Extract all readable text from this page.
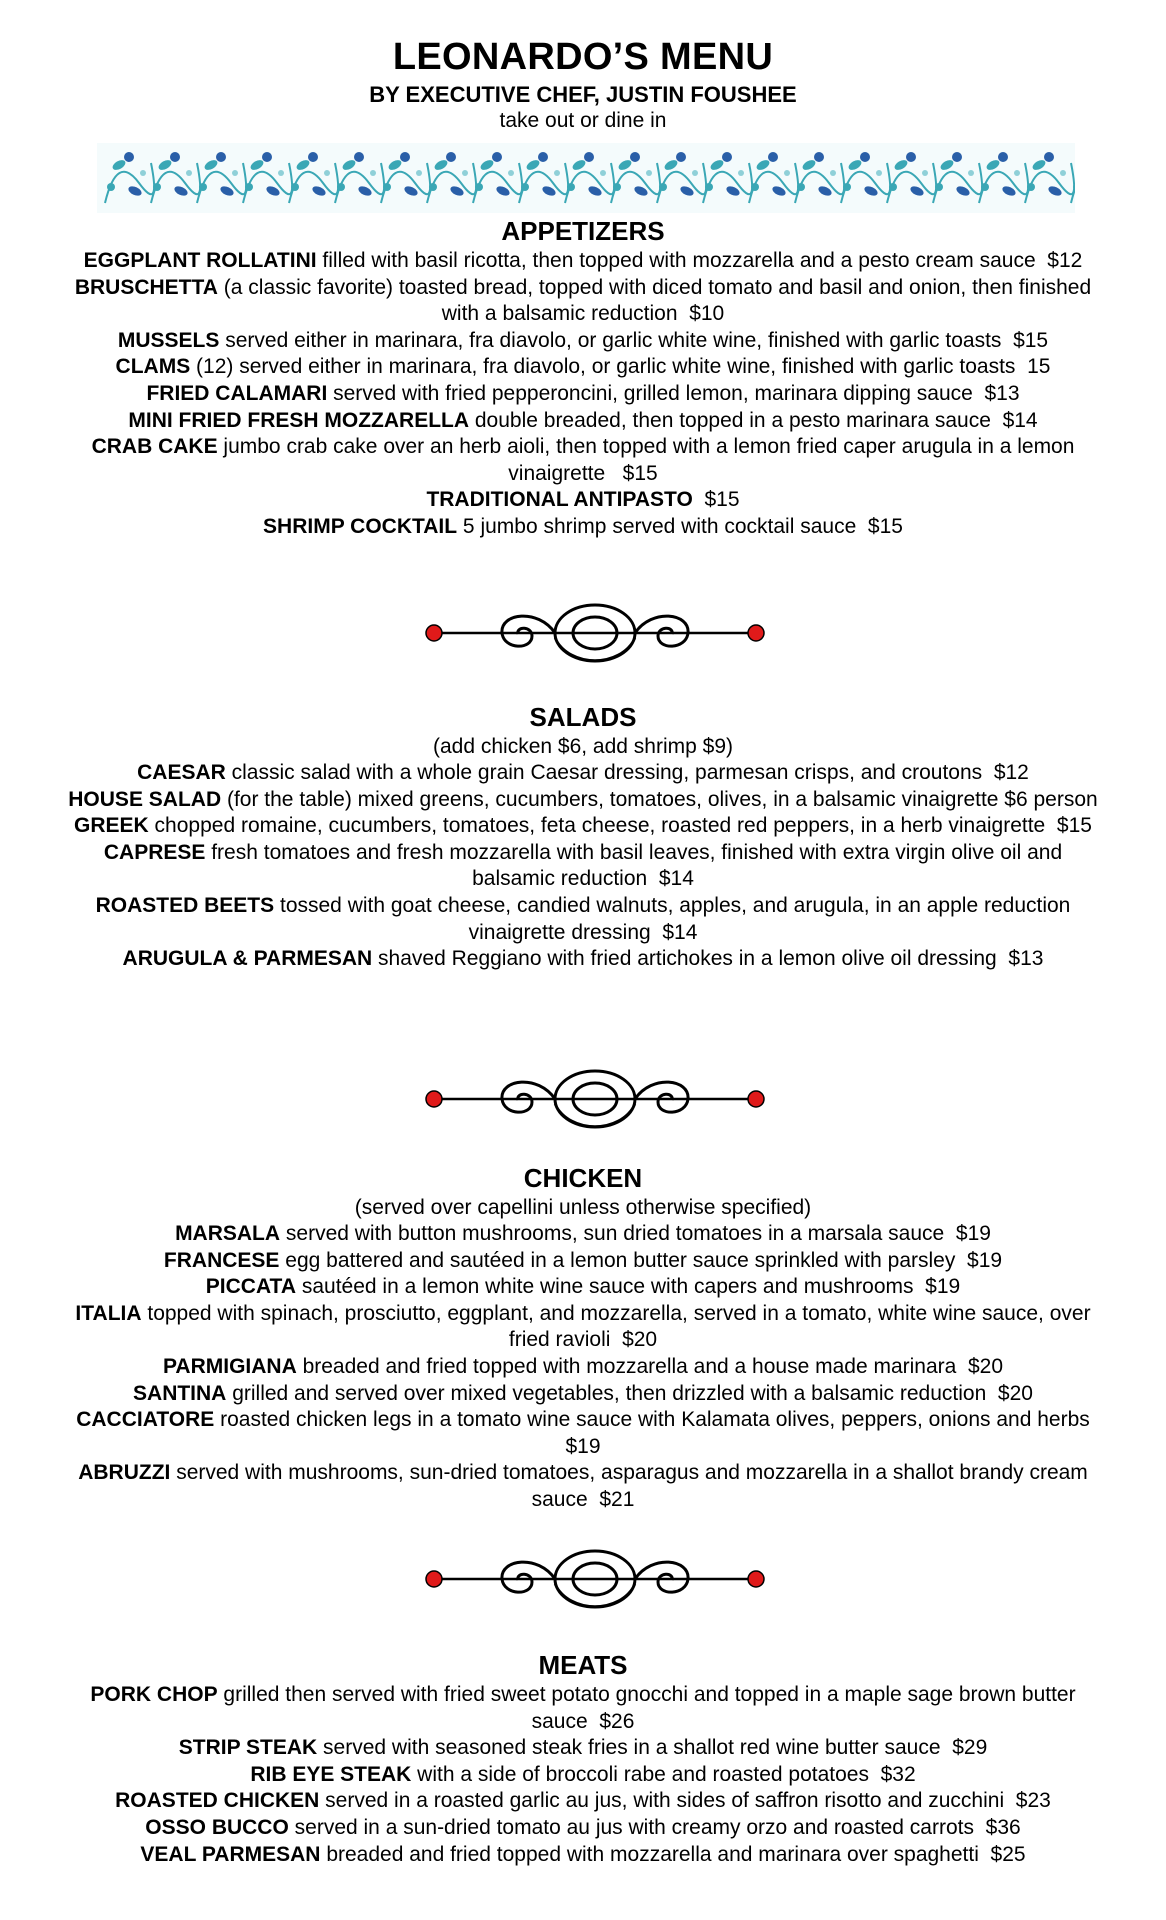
LEONARDO’S MENU
BY EXECUTIVE CHEF, JUSTIN FOUSHEE
take out or dine in
APPETIZERS
EGGPLANT ROLLATINI filled with basil ricotta, then topped with mozzarella and a pesto cream sauce  $12
BRUSCHETTA (a classic favorite) toasted bread, topped with diced tomato and basil and onion, then finished with a balsamic reduction  $10
MUSSELS served either in marinara, fra diavolo, or garlic white wine, finished with garlic toasts  $15
CLAMS (12) served either in marinara, fra diavolo, or garlic white wine, finished with garlic toasts  15
FRIED CALAMARI served with fried pepperoncini, grilled lemon, marinara dipping sauce  $13
MINI FRIED FRESH MOZZARELLA double breaded, then topped in a pesto marinara sauce  $14
CRAB CAKE jumbo crab cake over an herb aioli, then topped with a lemon fried caper arugula in a lemon vinaigrette   $15
TRADITIONAL ANTIPASTO  $15
SHRIMP COCKTAIL 5 jumbo shrimp served with cocktail sauce  $15
SALADS
(add chicken $6, add shrimp $9)
CAESAR classic salad with a whole grain Caesar dressing, parmesan crisps, and croutons  $12
HOUSE SALAD (for the table) mixed greens, cucumbers, tomatoes, olives, in a balsamic vinaigrette $6 person
GREEK chopped romaine, cucumbers, tomatoes, feta cheese, roasted red peppers, in a herb vinaigrette  $15
CAPRESE fresh tomatoes and fresh mozzarella with basil leaves, finished with extra virgin olive oil and balsamic reduction  $14
ROASTED BEETS tossed with goat cheese, candied walnuts, apples, and arugula, in an apple reduction vinaigrette dressing  $14
ARUGULA & PARMESAN shaved Reggiano with fried artichokes in a lemon olive oil dressing  $13
CHICKEN
(served over capellini unless otherwise specified)
MARSALA served with button mushrooms, sun dried tomatoes in a marsala sauce  $19
FRANCESE egg battered and sautéed in a lemon butter sauce sprinkled with parsley  $19
PICCATA sautéed in a lemon white wine sauce with capers and mushrooms  $19
ITALIA topped with spinach, prosciutto, eggplant, and mozzarella, served in a tomato, white wine sauce, over fried ravioli  $20
PARMIGIANA breaded and fried topped with mozzarella and a house made marinara  $20
SANTINA grilled and served over mixed vegetables, then drizzled with a balsamic reduction  $20
CACCIATORE roasted chicken legs in a tomato wine sauce with Kalamata olives, peppers, onions and herbs  $19
ABRUZZI served with mushrooms, sun-dried tomatoes, asparagus and mozzarella in a shallot brandy cream sauce  $21
MEATS
PORK CHOP grilled then served with fried sweet potato gnocchi and topped in a maple sage brown butter sauce  $26
STRIP STEAK served with seasoned steak fries in a shallot red wine butter sauce  $29
RIB EYE STEAK with a side of broccoli rabe and roasted potatoes  $32
ROASTED CHICKEN served in a roasted garlic au jus, with sides of saffron risotto and zucchini  $23
OSSO BUCCO served in a sun-dried tomato au jus with creamy orzo and roasted carrots  $36
VEAL PARMESAN breaded and fried topped with mozzarella and marinara over spaghetti  $25
